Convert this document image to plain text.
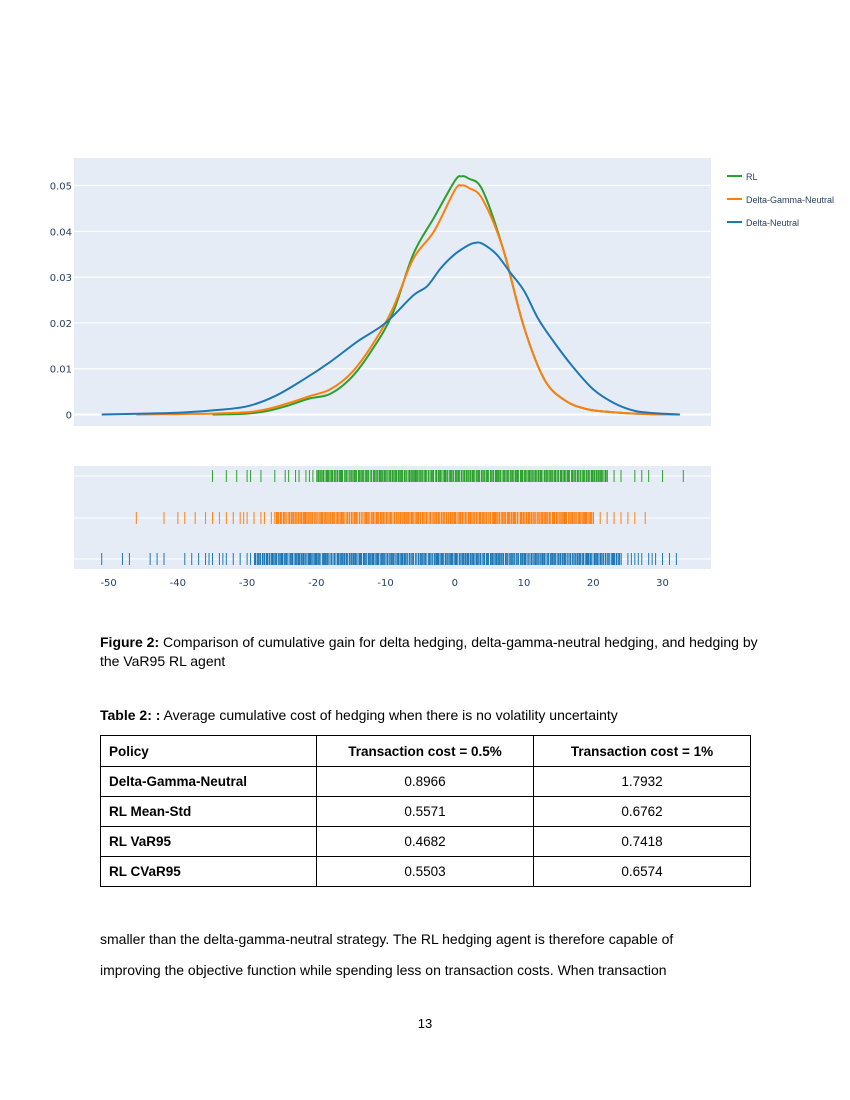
0
0.01
0.02
0.03
0.04
0.05
-50	-40	-30	-20	-10	0	10	20	30
RL
Delta-Gamma-Neutral
Delta-Neutral
Figure 2: Comparison of cumulative gain for delta hedging, delta-gamma-neutral hedging, and hedging by the VaR95 RL agent
Table 2: : Average cumulative cost of hedging when there is no volatility uncertainty
Policy	Transaction cost = 0.5%	Transaction cost = 1%
Delta-Gamma-Neutral	0.8966	1.7932
RL Mean-Std	0.5571	0.6762
RL VaR95	0.4682	0.7418
RL CVaR95	0.5503	0.6574
smaller than the delta-gamma-neutral strategy. The RL hedging agent is therefore capable of
improving the objective function while spending less on transaction costs. When transaction
13
